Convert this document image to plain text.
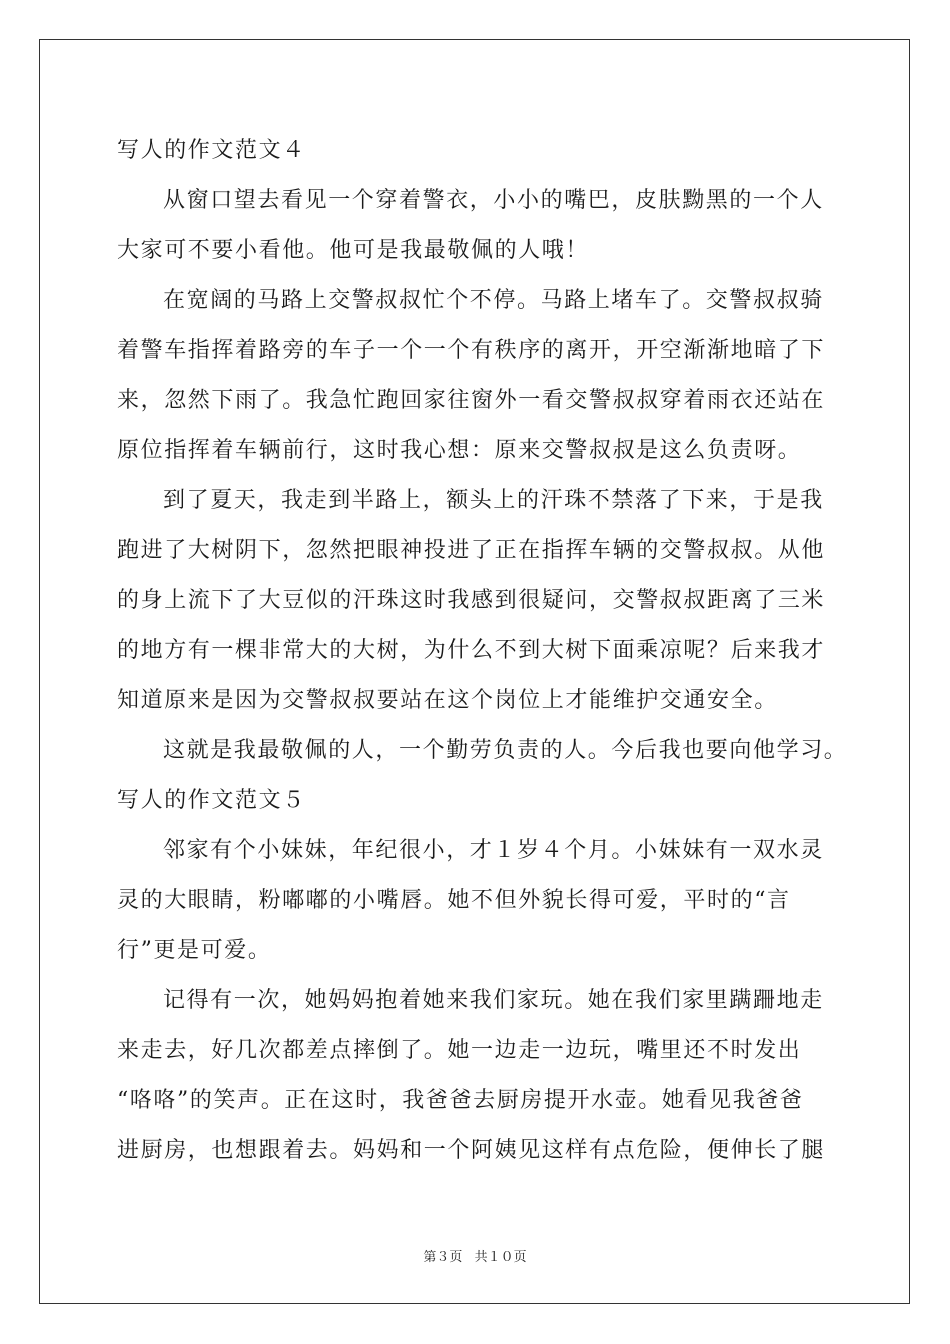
写人的作文范文４
从窗口望去看见一个穿着警衣，小小的嘴巴，皮肤黝黑的一个人
大家可不要小看他。他可是我最敬佩的人哦！
在宽阔的马路上交警叔叔忙个不停。马路上堵车了。交警叔叔骑
着警车指挥着路旁的车子一个一个有秩序的离开，开空渐渐地暗了下
来，忽然下雨了。我急忙跑回家往窗外一看交警叔叔穿着雨衣还站在
原位指挥着车辆前行，这时我心想：原来交警叔叔是这么负责呀。
到了夏天，我走到半路上，额头上的汗珠不禁落了下来，于是我
跑进了大树阴下，忽然把眼神投进了正在指挥车辆的交警叔叔。从他
的身上流下了大豆似的汗珠这时我感到很疑问，交警叔叔距离了三米
的地方有一棵非常大的大树，为什么不到大树下面乘凉呢？后来我才
知道原来是因为交警叔叔要站在这个岗位上才能维护交通安全。
这就是我最敬佩的人，一个勤劳负责的人。今后我也要向他学习。
写人的作文范文５
邻家有个小妹妹，年纪很小，才１岁４个月。小妹妹有一双水灵
灵的大眼睛，粉嘟嘟的小嘴唇。她不但外貌长得可爱，平时的“言
行”更是可爱。
记得有一次，她妈妈抱着她来我们家玩。她在我们家里蹒跚地走
来走去，好几次都差点摔倒了。她一边走一边玩，嘴里还不时发出
“咯咯”的笑声。正在这时，我爸爸去厨房提开水壶。她看见我爸爸
进厨房，也想跟着去。妈妈和一个阿姨见这样有点危险，便伸长了腿
第３页 共１０页
